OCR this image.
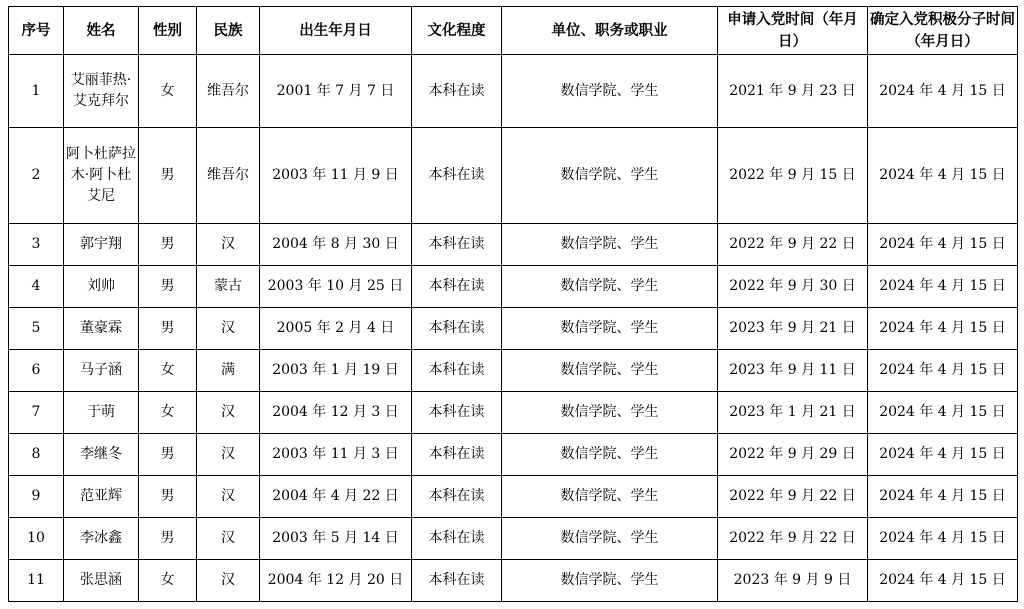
序号	姓名	性别	民族	出生年月日	文化程度	单位、职务或职业	申请入党时间（年月日）	确定入党积极分子时间（年月日）
1	艾丽菲热·艾克拜尔	女	维吾尔	2001 年 7 月 7 日	本科在读	数信学院、学生	2021 年 9 月 23 日	2024 年 4 月 15 日
2	阿卜杜萨拉木·阿卜杜艾尼	男	维吾尔	2003 年 11 月 9 日	本科在读	数信学院、学生	2022 年 9 月 15 日	2024 年 4 月 15 日
3	郭宇翔	男	汉	2004 年 8 月 30 日	本科在读	数信学院、学生	2022 年 9 月 22 日	2024 年 4 月 15 日
4	刘帅	男	蒙古	2003 年 10 月 25 日	本科在读	数信学院、学生	2022 年 9 月 30 日	2024 年 4 月 15 日
5	董豪霖	男	汉	2005 年 2 月 4 日	本科在读	数信学院、学生	2023 年 9 月 21 日	2024 年 4 月 15 日
6	马子涵	女	满	2003 年 1 月 19 日	本科在读	数信学院、学生	2023 年 9 月 11 日	2024 年 4 月 15 日
7	于萌	女	汉	2004 年 12 月 3 日	本科在读	数信学院、学生	2023 年 1 月 21 日	2024 年 4 月 15 日
8	李继冬	男	汉	2003 年 11 月 3 日	本科在读	数信学院、学生	2022 年 9 月 29 日	2024 年 4 月 15 日
9	范亚辉	男	汉	2004 年 4 月 22 日	本科在读	数信学院、学生	2022 年 9 月 22 日	2024 年 4 月 15 日
10	李冰鑫	男	汉	2003 年 5 月 14 日	本科在读	数信学院、学生	2022 年 9 月 22 日	2024 年 4 月 15 日
11	张思涵	女	汉	2004 年 12 月 20 日	本科在读	数信学院、学生	2023 年 9 月 9 日	2024 年 4 月 15 日
